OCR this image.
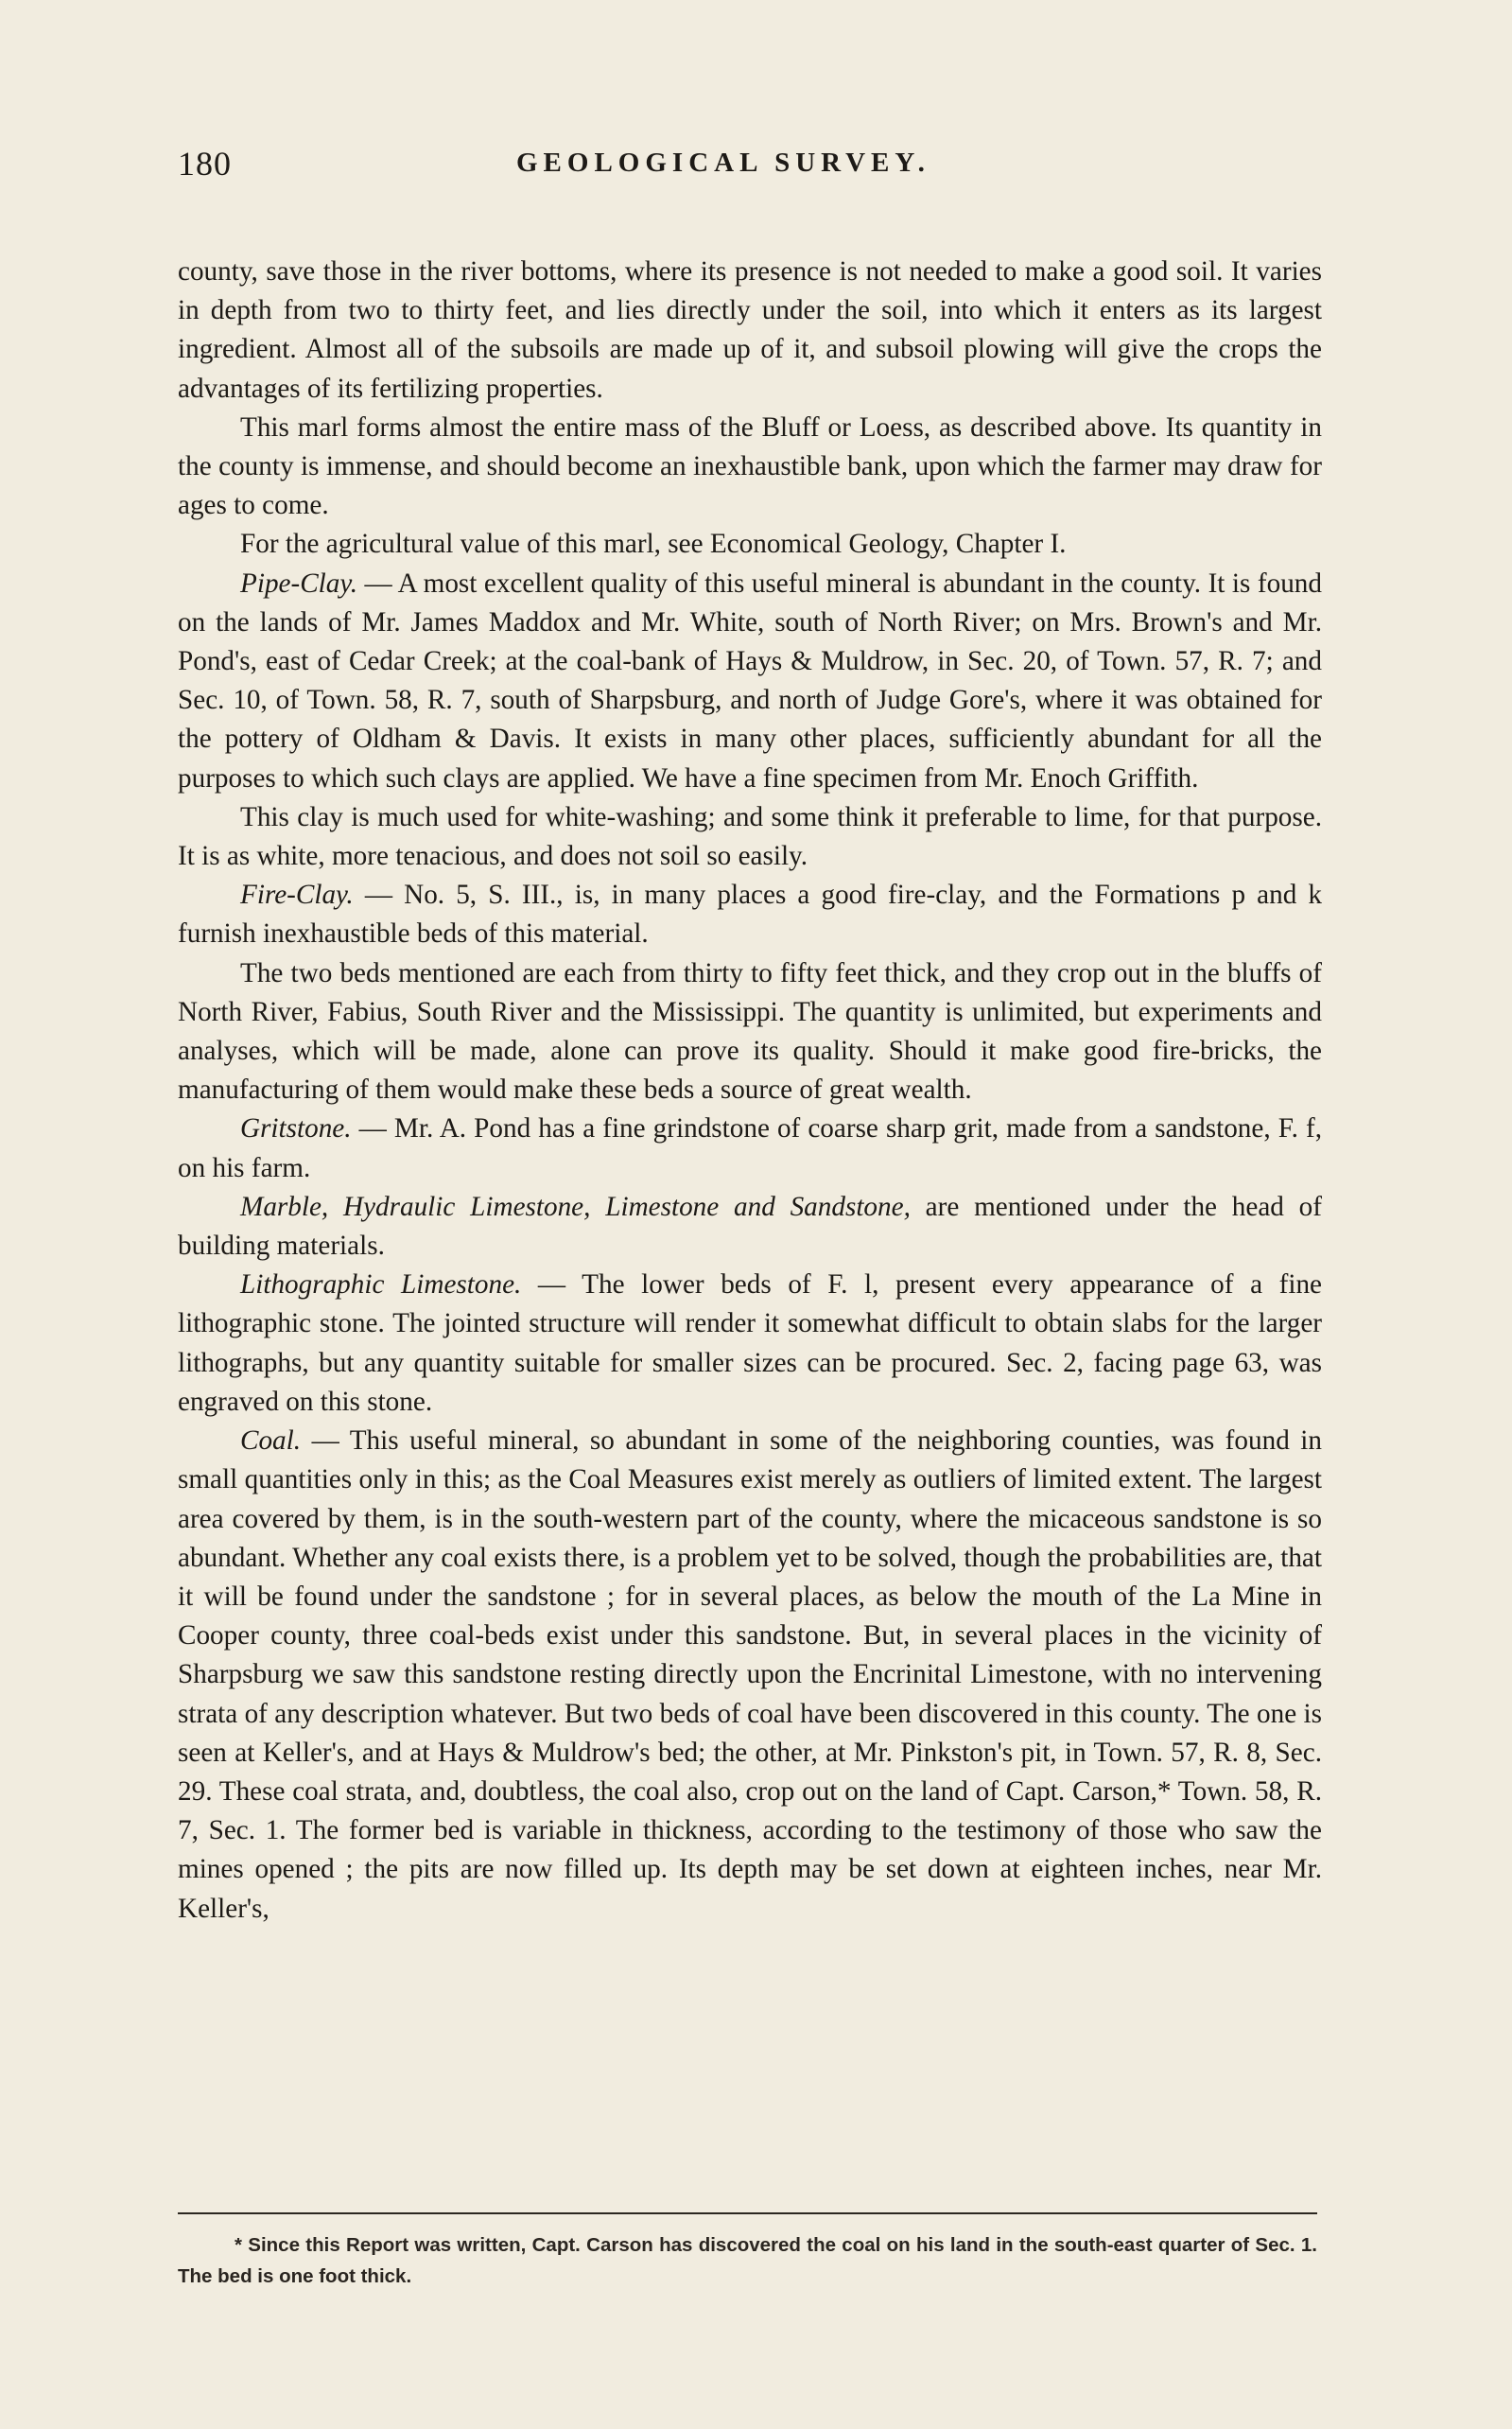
180	GEOLOGICAL SURVEY.

county, save those in the river bottoms, where its presence is not needed to make a good soil. It varies in depth from two to thirty feet, and lies directly under the soil, into which it enters as its largest ingredient. Almost all of the subsoils are made up of it, and subsoil plowing will give the crops the advantages of its fertilizing properties.

This marl forms almost the entire mass of the Bluff or Loess, as described above. Its quantity in the county is immense, and should become an inexhaustible bank, upon which the farmer may draw for ages to come.

For the agricultural value of this marl, see Economical Geology, Chapter I.

Pipe-Clay. — A most excellent quality of this useful mineral is abundant in the county. It is found on the lands of Mr. James Maddox and Mr. White, south of North River; on Mrs. Brown's and Mr. Pond's, east of Cedar Creek; at the coal-bank of Hays & Muldrow, in Sec. 20, of Town. 57, R. 7; and Sec. 10, of Town. 58, R. 7, south of Sharpsburg, and north of Judge Gore's, where it was obtained for the pottery of Oldham & Davis. It exists in many other places, sufficiently abundant for all the purposes to which such clays are applied. We have a fine specimen from Mr. Enoch Griffith.

This clay is much used for white-washing; and some think it preferable to lime, for that purpose. It is as white, more tenacious, and does not soil so easily.

Fire-Clay. — No. 5, S. III., is, in many places a good fire-clay, and the Formations p and k furnish inexhaustible beds of this material.

The two beds mentioned are each from thirty to fifty feet thick, and they crop out in the bluffs of North River, Fabius, South River and the Mississippi. The quantity is unlimited, but experiments and analyses, which will be made, alone can prove its quality. Should it make good fire-bricks, the manufacturing of them would make these beds a source of great wealth.

Gritstone. — Mr. A. Pond has a fine grindstone of coarse sharp grit, made from a sandstone, F. f, on his farm.

Marble, Hydraulic Limestone, Limestone and Sandstone, are mentioned under the head of building materials.

Lithographic Limestone. — The lower beds of F. l, present every appearance of a fine lithographic stone. The jointed structure will render it somewhat difficult to obtain slabs for the larger lithographs, but any quantity suitable for smaller sizes can be procured. Sec. 2, facing page 63, was engraved on this stone.

Coal. — This useful mineral, so abundant in some of the neighboring counties, was found in small quantities only in this; as the Coal Measures exist merely as outliers of limited extent. The largest area covered by them, is in the south-western part of the county, where the micaceous sandstone is so abundant. Whether any coal exists there, is a problem yet to be solved, though the probabilities are, that it will be found under the sandstone ; for in several places, as below the mouth of the La Mine in Cooper county, three coal-beds exist under this sandstone. But, in several places in the vicinity of Sharpsburg we saw this sandstone resting directly upon the Encrinital Limestone, with no intervening strata of any description whatever. But two beds of coal have been discovered in this county. The one is seen at Keller's, and at Hays & Muldrow's bed; the other, at Mr. Pinkston's pit, in Town. 57, R. 8, Sec. 29. These coal strata, and, doubtless, the coal also, crop out on the land of Capt. Carson,* Town. 58, R. 7, Sec. 1. The former bed is variable in thickness, according to the testimony of those who saw the mines opened ; the pits are now filled up. Its depth may be set down at eighteen inches, near Mr. Keller's,

* Since this Report was written, Capt. Carson has discovered the coal on his land in the south-east quarter of Sec. 1. The bed is one foot thick.
